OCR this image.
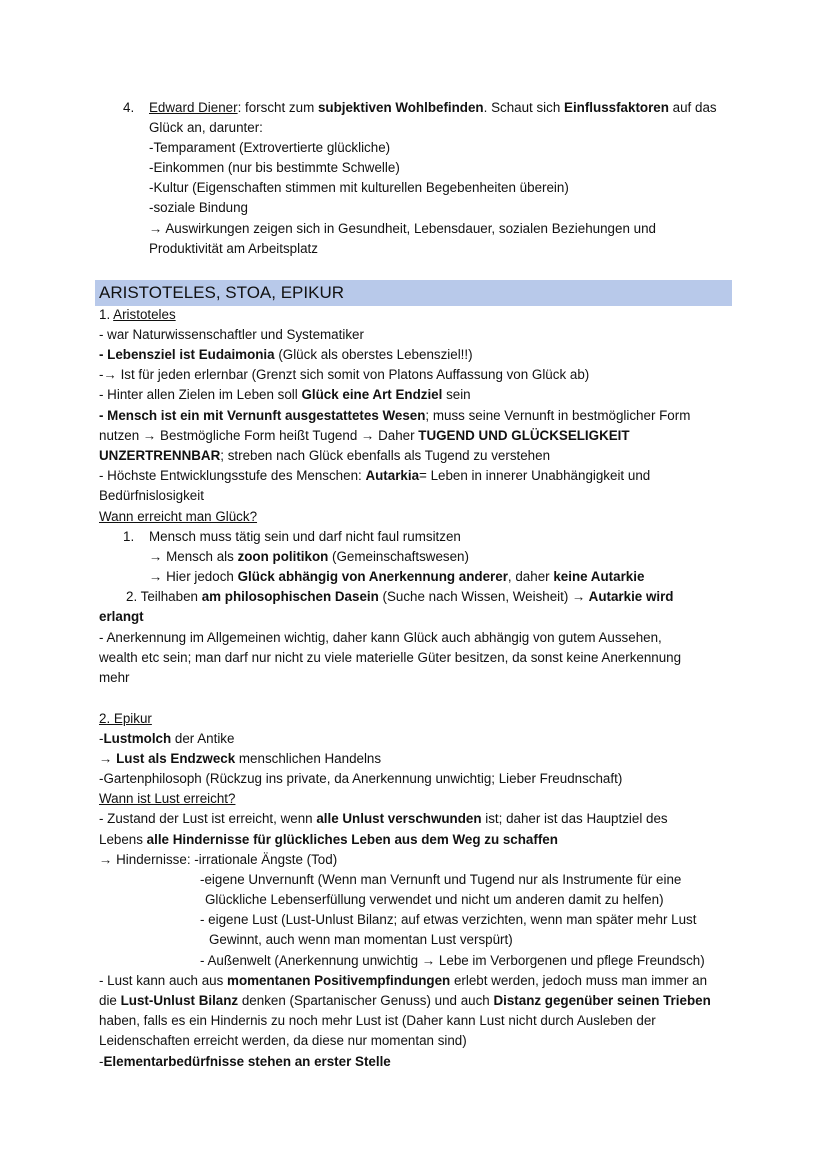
4. Edward Diener: forscht zum subjektiven Wohlbefinden. Schaut sich Einflussfaktoren auf das
Glück an, darunter:
-Temparament (Extrovertierte glückliche)
-Einkommen (nur bis bestimmte Schwelle)
-Kultur (Eigenschaften stimmen mit kulturellen Begebenheiten überein)
-soziale Bindung
→ Auswirkungen zeigen sich in Gesundheit, Lebensdauer, sozialen Beziehungen und
Produktivität am Arbeitsplatz
ARISTOTELES, STOA, EPIKUR
1. Aristoteles
- war Naturwissenschaftler und Systematiker
- Lebensziel ist Eudaimonia (Glück als oberstes Lebensziel!!)
-→ Ist für jeden erlernbar (Grenzt sich somit von Platons Auffassung von Glück ab)
- Hinter allen Zielen im Leben soll Glück eine Art Endziel sein
- Mensch ist ein mit Vernunft ausgestattetes Wesen; muss seine Vernunft in bestmöglicher Form
nutzen → Bestmögliche Form heißt Tugend → Daher TUGEND UND GLÜCKSELIGKEIT
UNZERTRENNBAR; streben nach Glück ebenfalls als Tugend zu verstehen
- Höchste Entwicklungsstufe des Menschen: Autarkia= Leben in innerer Unabhängigkeit und
Bedürfnislosigkeit
Wann erreicht man Glück?
1. Mensch muss tätig sein und darf nicht faul rumsitzen
→ Mensch als zoon politikon (Gemeinschaftswesen)
→ Hier jedoch Glück abhängig von Anerkennung anderer, daher keine Autarkie
2. Teilhaben am philosophischen Dasein (Suche nach Wissen, Weisheit) → Autarkie wird
erlangt
- Anerkennung im Allgemeinen wichtig, daher kann Glück auch abhängig von gutem Aussehen,
wealth etc sein; man darf nur nicht zu viele materielle Güter besitzen, da sonst keine Anerkennung
mehr
2. Epikur
-Lustmolch der Antike
→ Lust als Endzweck menschlichen Handelns
-Gartenphilosoph (Rückzug ins private, da Anerkennung unwichtig; Lieber Freudnschaft)
Wann ist Lust erreicht?
- Zustand der Lust ist erreicht, wenn alle Unlust verschwunden ist; daher ist das Hauptziel des
Lebens alle Hindernisse für glückliches Leben aus dem Weg zu schaffen
→ Hindernisse: -irrationale Ängste (Tod)
-eigene Unvernunft (Wenn man Vernunft und Tugend nur als Instrumente für eine
Glückliche Lebenserfüllung verwendet und nicht um anderen damit zu helfen)
- eigene Lust (Lust-Unlust Bilanz; auf etwas verzichten, wenn man später mehr Lust
Gewinnt, auch wenn man momentan Lust verspürt)
- Außenwelt (Anerkennung unwichtig → Lebe im Verborgenen und pflege Freundsch)
- Lust kann auch aus momentanen Positivempfindungen erlebt werden, jedoch muss man immer an
die Lust-Unlust Bilanz denken (Spartanischer Genuss) und auch Distanz gegenüber seinen Trieben
haben, falls es ein Hindernis zu noch mehr Lust ist (Daher kann Lust nicht durch Ausleben der
Leidenschaften erreicht werden, da diese nur momentan sind)
-Elementarbedürfnisse stehen an erster Stelle
